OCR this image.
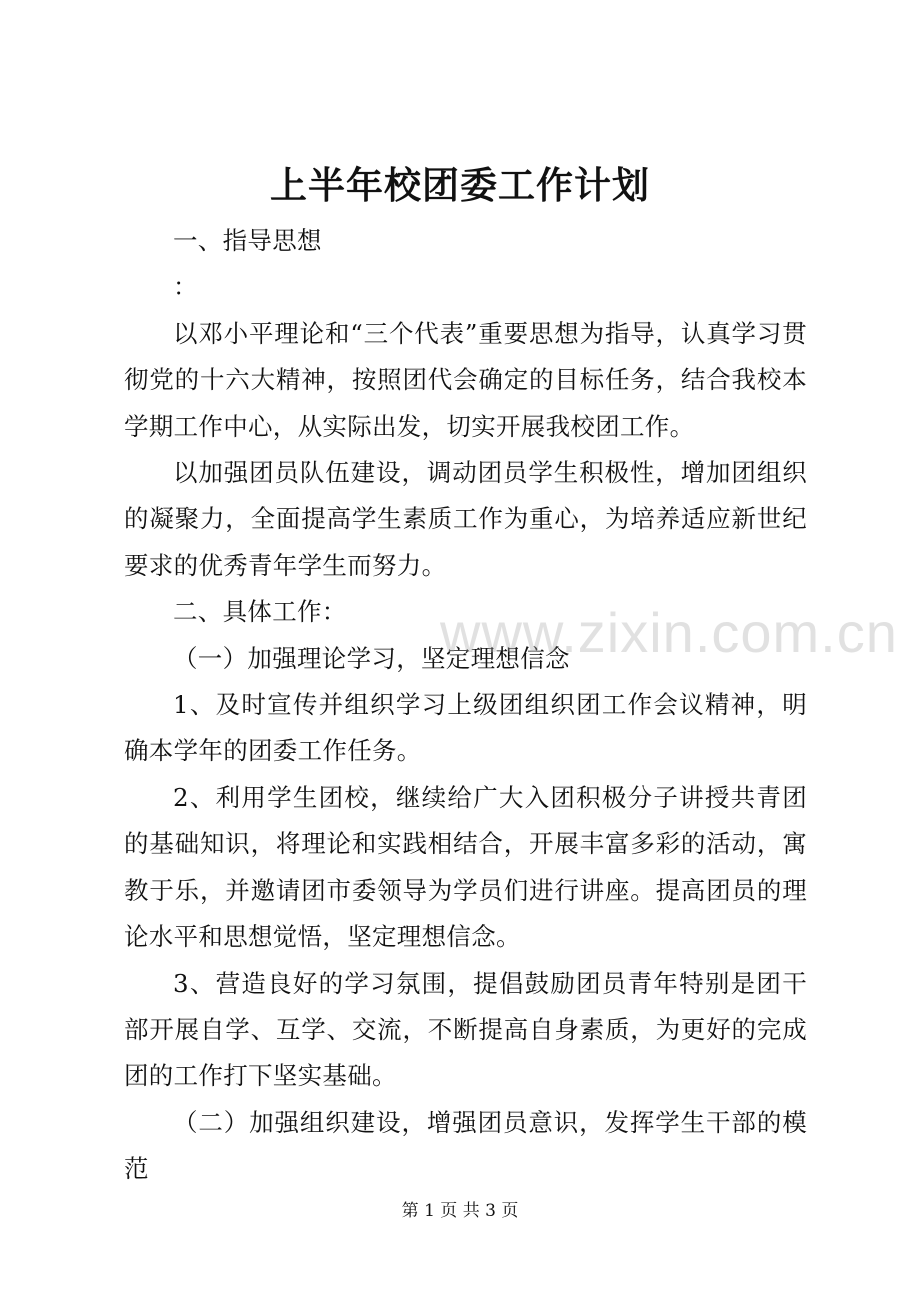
上半年校团委工作计划

一、指导思想

：

以邓小平理论和“三个代表”重要思想为指导，认真学习贯彻党的十六大精神，按照团代会确定的目标任务，结合我校本学期工作中心，从实际出发，切实开展我校团工作。

以加强团员队伍建设，调动团员学生积极性，增加团组织的凝聚力，全面提高学生素质工作为重心，为培养适应新世纪要求的优秀青年学生而努力。

二、具体工作：

（一）加强理论学习，坚定理想信念

1、及时宣传并组织学习上级团组织团工作会议精神，明确本学年的团委工作任务。

2、利用学生团校，继续给广大入团积极分子讲授共青团的基础知识，将理论和实践相结合，开展丰富多彩的活动，寓教于乐，并邀请团市委领导为学员们进行讲座。提高团员的理论水平和思想觉悟，坚定理想信念。

3、营造良好的学习氛围，提倡鼓励团员青年特别是团干部开展自学、互学、交流，不断提高自身素质，为更好的完成团的工作打下坚实基础。

（二）加强组织建设，增强团员意识，发挥学生干部的模范

www.zixin.com.cn
第 1 页 共 3 页
